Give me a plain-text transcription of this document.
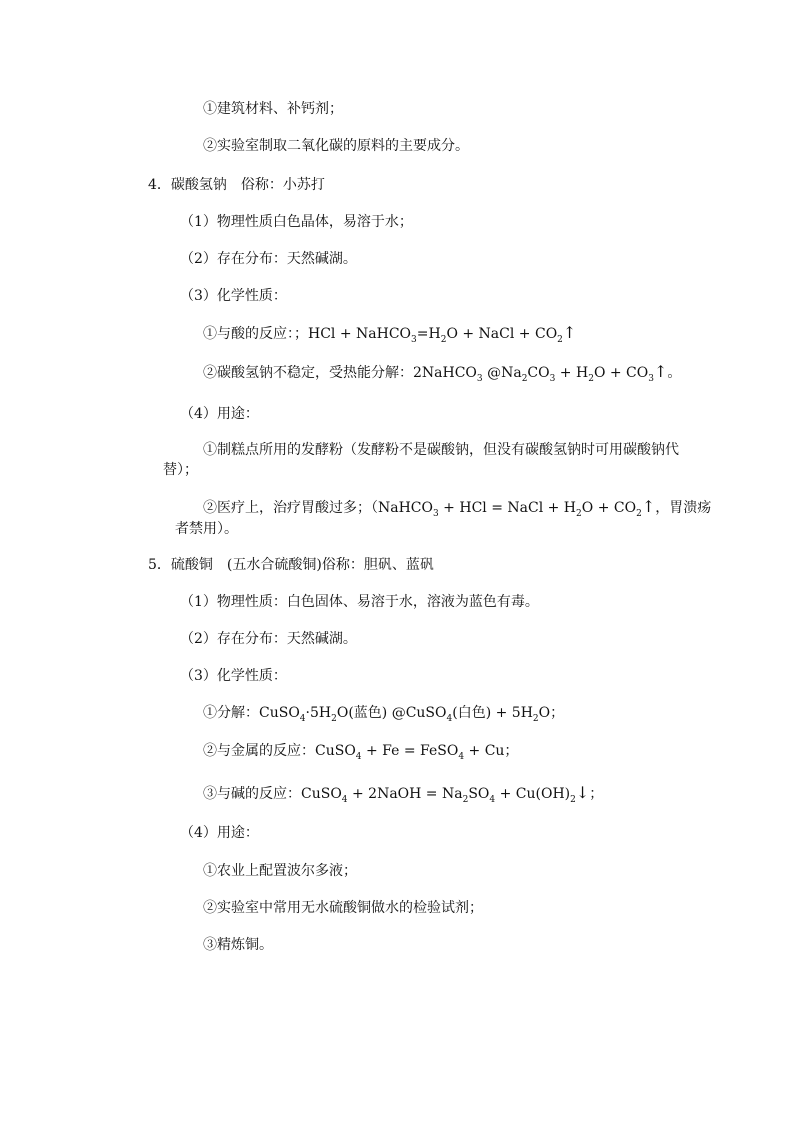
①建筑材料、补钙剂；
②实验室制取二氧化碳的原料的主要成分。
4．碳酸氢钠　俗称：小苏打
（1）物理性质白色晶体，易溶于水；
（2）存在分布：天然碱湖。
（3）化学性质：
①与酸的反应：；HCl + $NaHCO_3=H_2O$ + NaCl + $CO_2↑$
②碳酸氢钠不稳定，受热能分解：2NaHCO$_3$ $@Na_2CO_3 + H_2O$ + $CO_3↑$。
（4）用途：
①制糕点所用的发酵粉（发酵粉不是碳酸钠，但没有碳酸氢钠时可用碳酸钠代
替）；
②医疗上，治疗胃酸过多；（NaHCO$_3$ + HCl = NaCl + $H_2O$ + $CO_2↑$，胃溃疡
者禁用）。
5．硫酸铜　(五水合硫酸铜)俗称：胆矾、蓝矾
（1）物理性质：白色固体、易溶于水，溶液为蓝色有毒。
（2）存在分布：天然碱湖。
（3）化学性质：
①分解：$CuSO_4\cdot 5H_2O$(蓝色) @CuSO$_4$(白色) + $5H_2O$；
②与金属的反应：CuSO$_4$ + Fe = FeSO$_4$ + Cu；
③与碱的反应：CuSO$_4$ + 2NaOH = $Na_2SO_4$ + $Cu(OH)_2↓$；
（4）用途：
①农业上配置波尔多液；
②实验室中常用无水硫酸铜做水的检验试剂；
③精炼铜。
